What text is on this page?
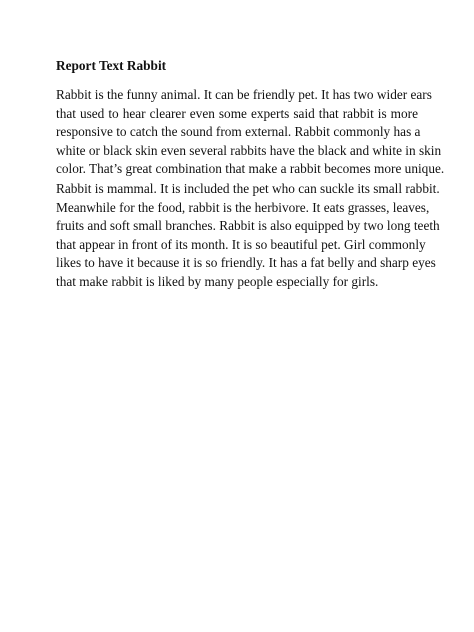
Report Text Rabbit

Rabbit is the funny animal. It can be friendly pet. It has two wider ears
that used to hear clearer even some experts said that rabbit is more
responsive to catch the sound from external. Rabbit commonly has a
white or black skin even several rabbits have the black and white in skin
color. That’s great combination that make a rabbit becomes more unique.

Rabbit is mammal. It is included the pet who can suckle its small rabbit.
Meanwhile for the food, rabbit is the herbivore. It eats grasses, leaves,
fruits and soft small branches. Rabbit is also equipped by two long teeth
that appear in front of its month. It is so beautiful pet. Girl commonly
likes to have it because it is so friendly. It has a fat belly and sharp eyes
that make rabbit is liked by many people especially for girls.
